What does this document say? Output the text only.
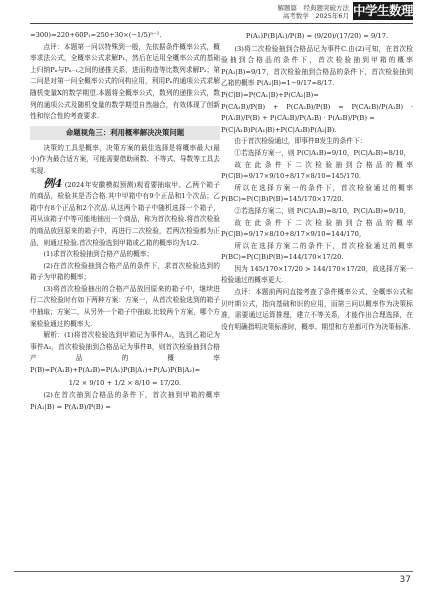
解题篇　经典题突破方法
高考数学　2025年6月 中学生数理化

=300)=220+60P₁=250+30×(−1/5)ⁿ⁻¹.

点评：本题第一问以特殊到一般，先依据条件概率公式，概率求法公式，全概率公式求解P₁，然后在运用全概率公式的基础上归纳Pₙ与Pₙ₋₁之间的递推关系，进而构造等比数列求解P₂；第二问是对第一问全概率公式的问构应用，利用Pₙ的通项公式求解随机变量X的数学期望.本题将全概率公式，数列的递推公式，数列的通项公式及随机变量的数学期望自然融合，有效体现了创新性和综合性的考查要求.

命题视角三：利用概率解决决策问题

决策的工具是概率，决策方案的最佳选择是将概率最大(最小)作为最合适方案，可能需要借助函数、不等式、导数等工具去实现.

例4 (2024年安徽模拟预测)观看要抽取甲、乙两个箱子的商品，检验其是否合格.其中甲箱中有9个正品和1个次品；乙箱中有8个正品和2个次品.从这两个箱子中随机选择一个箱子，再从该箱子中等可能地抽出一个商品，称为首次检验.将首次检验的商品放回原来的箱子中，再进行二次检验，若两次检验都为正品，则通过检验.首次检验选到甲箱或乙箱的概率均为1/2.

(1)求首次检验抽到合格产品的概率；

(2)在首次检验抽到合格产品的条件下，求首次检验选到的箱子为甲箱的概率；

(3)将首次检验抽出的合格产品放回原来的箱子中，继续进行二次检验时有如下两种方案：方案一，从首次检验选到的箱子中抽取；方案二，从另外一个箱子中抽取.比较两个方案，哪个方案检验通过的概率大.

解析：(1)将首次检验选到甲箱记为事件A₁，选到乙箱记为事件A₂，首次检验抽到合格品记为事件B，则首次检验抽到合格产品的概率P(B)=P(A₁B)+P(A₂B)=P(A₁)P(B|A₁)+P(A₂)P(B|A₂)=

1/2 × 9/10 + 1/2 × 8/10 = 17/20.

(2)在首次抽到合格品的条件下，首次抽到甲箱的概率 P(A₁|B) = P(A₁B)/P(B) =

P(A₁)P(B|A₁)/P(B) = (9/20)/(17/20) = 9/17.

(3)将二次检验抽到合格品记为事件C.由(2)可知，在首次检验抽到合格品的条件下，首次检验抽到甲箱的概率 P(A₁|B)=9/17，首次检验抽到合格品的条件下，首次检验抽到乙箱的概率 P(A₂|B)=1−9/17=8/17.

P(C|B)=P(CA₁|B)+P(CA₂|B)=

P(CA₁B)/P(B) + P(CA₂B)/P(B) = P(CA₁B)/P(A₁B) · P(A₁B)/P(B) + P(CA₂B)/P(A₂B) · P(A₂B)/P(B) =

P(C|A₁B)P(A₁|B)+P(C|A₂B)P(A₂|B).

由于首次检验通过，即事件B发生的条件下：

①若选择方案一，则 P(C|A₁B)=9/10，P(C|A₂B)=8/10，

故在此条件下二次检验抽到合格品的概率 P(C|B)=9/17×9/10+8/17×8/10=145/170.

所以在选择方案一的条件下，首次检验通过的概率 P(BC)=P(C|B)P(B)=145/170×17/20.

②若选择方案二，则 P(C|A₁B)=8/10，P(C|A₂B)=9/10，

故在此条件下二次检验抽到合格品的概率 P(C|B)=9/17×8/10+8/17×9/10=144/170，

所以在选择方案二的条件下，首次检验通过的概率 P(BC)=P(C|B)P(B)=144/170×17/20.

因为 145/170×17/20 > 144/170×17/20，故选择方案一检验通过的概率更大.

点评：本题前两问直接考查了条件概率公式、全概率公式和贝叶斯公式，指向基础和识的应用，而第三问以概率作为决策标准，需要通过运算推理，建立不等关系，才能作出合理选择，在没有明确指明决策标准时，概率、期望和方差都可作为决策标准.

37
